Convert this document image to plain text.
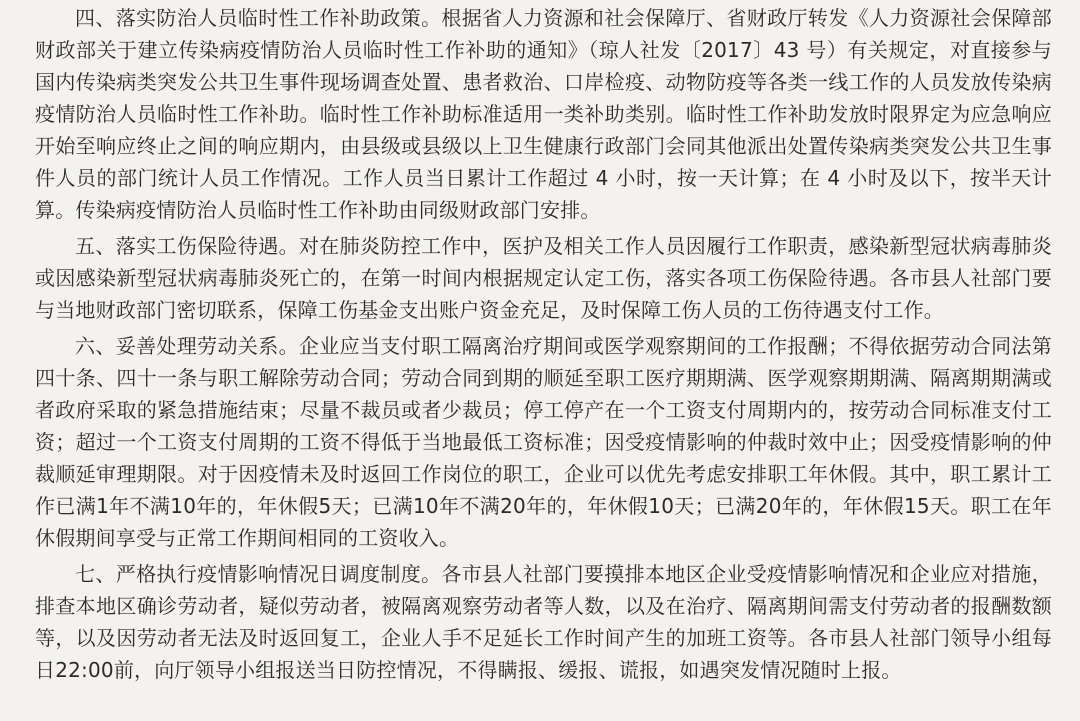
四、落实防治人员临时性工作补助政策。根据省人力资源和社会保障厅、省财政厅转发《人力资源社会保障部 财政部关于建立传染病疫情防治人员临时性工作补助的通知》（琼人社发〔2017〕43 号）有关规定，对直接参与国内传染病类突发公共卫生事件现场调查处置、患者救治、口岸检疫、动物防疫等各类一线工作的人员发放传染病疫情防治人员临时性工作补助。临时性工作补助标准适用一类补助类别。临时性工作补助发放时限界定为应急响应开始至响应终止之间的响应期内，由县级或县级以上卫生健康行政部门会同其他派出处置传染病类突发公共卫生事件人员的部门统计人员工作情况。工作人员当日累计工作超过 4 小时，按一天计算；在 4 小时及以下，按半天计算。传染病疫情防治人员临时性工作补助由同级财政部门安排。

五、落实工伤保险待遇。对在肺炎防控工作中，医护及相关工作人员因履行工作职责，感染新型冠状病毒肺炎或因感染新型冠状病毒肺炎死亡的，在第一时间内根据规定认定工伤，落实各项工伤保险待遇。各市县人社部门要与当地财政部门密切联系，保障工伤基金支出账户资金充足，及时保障工伤人员的工伤待遇支付工作。

六、妥善处理劳动关系。企业应当支付职工隔离治疗期间或医学观察期间的工作报酬；不得依据劳动合同法第四十条、四十一条与职工解除劳动合同；劳动合同到期的顺延至职工医疗期期满、医学观察期期满、隔离期期满或者政府采取的紧急措施结束；尽量不裁员或者少裁员；停工停产在一个工资支付周期内的，按劳动合同标准支付工资；超过一个工资支付周期的工资不得低于当地最低工资标准；因受疫情影响的仲裁时效中止；因受疫情影响的仲裁顺延审理期限。对于因疫情未及时返回工作岗位的职工，企业可以优先考虑安排职工年休假。其中，职工累计工作已满1年不满10年的，年休假5天；已满10年不满20年的，年休假10天；已满20年的，年休假15天。职工在年休假期间享受与正常工作期间相同的工资收入。

七、严格执行疫情影响情况日调度制度。各市县人社部门要摸排本地区企业受疫情影响情况和企业应对措施，排查本地区确诊劳动者，疑似劳动者，被隔离观察劳动者等人数，以及在治疗、隔离期间需支付劳动者的报酬数额等，以及因劳动者无法及时返回复工，企业人手不足延长工作时间产生的加班工资等。各市县人社部门领导小组每日22:00前，向厅领导小组报送当日防控情况，不得瞒报、缓报、谎报，如遇突发情况随时上报。
